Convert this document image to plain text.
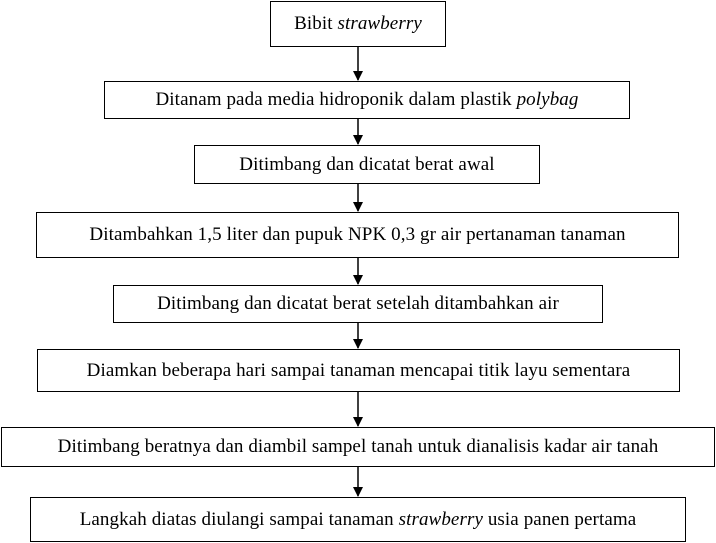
Bibit strawberry
Ditanam pada media hidroponik dalam plastik polybag
Ditimbang dan dicatat berat awal
Ditambahkan 1,5 liter dan pupuk NPK 0,3 gr air pertanaman tanaman
Ditimbang dan dicatat berat setelah ditambahkan air
Diamkan beberapa hari sampai tanaman mencapai titik layu sementara
Ditimbang beratnya dan diambil sampel tanah untuk dianalisis kadar air tanah
Langkah diatas diulangi sampai tanaman strawberry usia panen pertama
